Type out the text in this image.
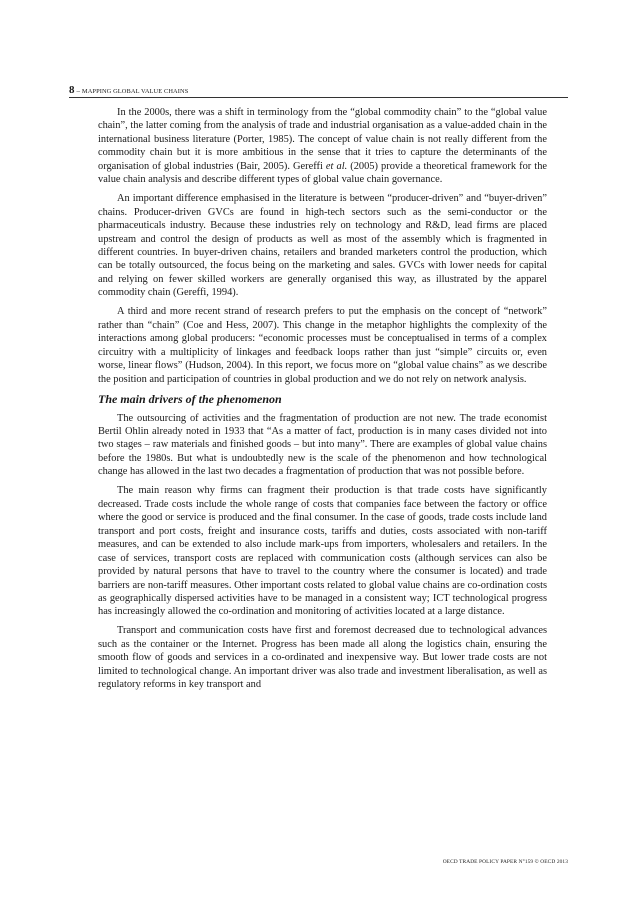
8 – MAPPING GLOBAL VALUE CHAINS

In the 2000s, there was a shift in terminology from the “global commodity chain” to the “global value chain”, the latter coming from the analysis of trade and industrial organisation as a value-added chain in the international business literature (Porter, 1985). The concept of value chain is not really different from the commodity chain but it is more ambitious in the sense that it tries to capture the determinants of the organisation of global industries (Bair, 2005). Gereffi et al. (2005) provide a theoretical framework for the value chain analysis and describe different types of global value chain governance.

An important difference emphasised in the literature is between “producer-driven” and “buyer-driven” chains. Producer-driven GVCs are found in high-tech sectors such as the semi-conductor or the pharmaceuticals industry. Because these industries rely on technology and R&D, lead firms are placed upstream and control the design of products as well as most of the assembly which is fragmented in different countries. In buyer-driven chains, retailers and branded marketers control the production, which can be totally outsourced, the focus being on the marketing and sales. GVCs with lower needs for capital and relying on fewer skilled workers are generally organised this way, as illustrated by the apparel commodity chain (Gereffi, 1994).

A third and more recent strand of research prefers to put the emphasis on the concept of “network” rather than “chain” (Coe and Hess, 2007). This change in the metaphor highlights the complexity of the interactions among global producers: “economic processes must be conceptualised in terms of a complex circuitry with a multiplicity of linkages and feedback loops rather than just “simple” circuits or, even worse, linear flows” (Hudson, 2004). In this report, we focus more on “global value chains” as we describe the position and participation of countries in global production and we do not rely on network analysis.

The main drivers of the phenomenon

The outsourcing of activities and the fragmentation of production are not new. The trade economist Bertil Ohlin already noted in 1933 that “As a matter of fact, production is in many cases divided not into two stages – raw materials and finished goods – but into many”. There are examples of global value chains before the 1980s. But what is undoubtedly new is the scale of the phenomenon and how technological change has allowed in the last two decades a fragmentation of production that was not possible before.

The main reason why firms can fragment their production is that trade costs have significantly decreased. Trade costs include the whole range of costs that companies face between the factory or office where the good or service is produced and the final consumer. In the case of goods, trade costs include land transport and port costs, freight and insurance costs, tariffs and duties, costs associated with non-tariff measures, and can be extended to also include mark-ups from importers, wholesalers and retailers. In the case of services, transport costs are replaced with communication costs (although services can also be provided by natural persons that have to travel to the country where the consumer is located) and trade barriers are non-tariff measures. Other important costs related to global value chains are co-ordination costs as geographically dispersed activities have to be managed in a consistent way; ICT technological progress has increasingly allowed the co-ordination and monitoring of activities located at a large distance.

Transport and communication costs have first and foremost decreased due to technological advances such as the container or the Internet. Progress has been made all along the logistics chain, ensuring the smooth flow of goods and services in a co-ordinated and inexpensive way. But lower trade costs are not limited to technological change. An important driver was also trade and investment liberalisation, as well as regulatory reforms in key transport and

OECD TRADE POLICY PAPER N°159 © OECD 2013
